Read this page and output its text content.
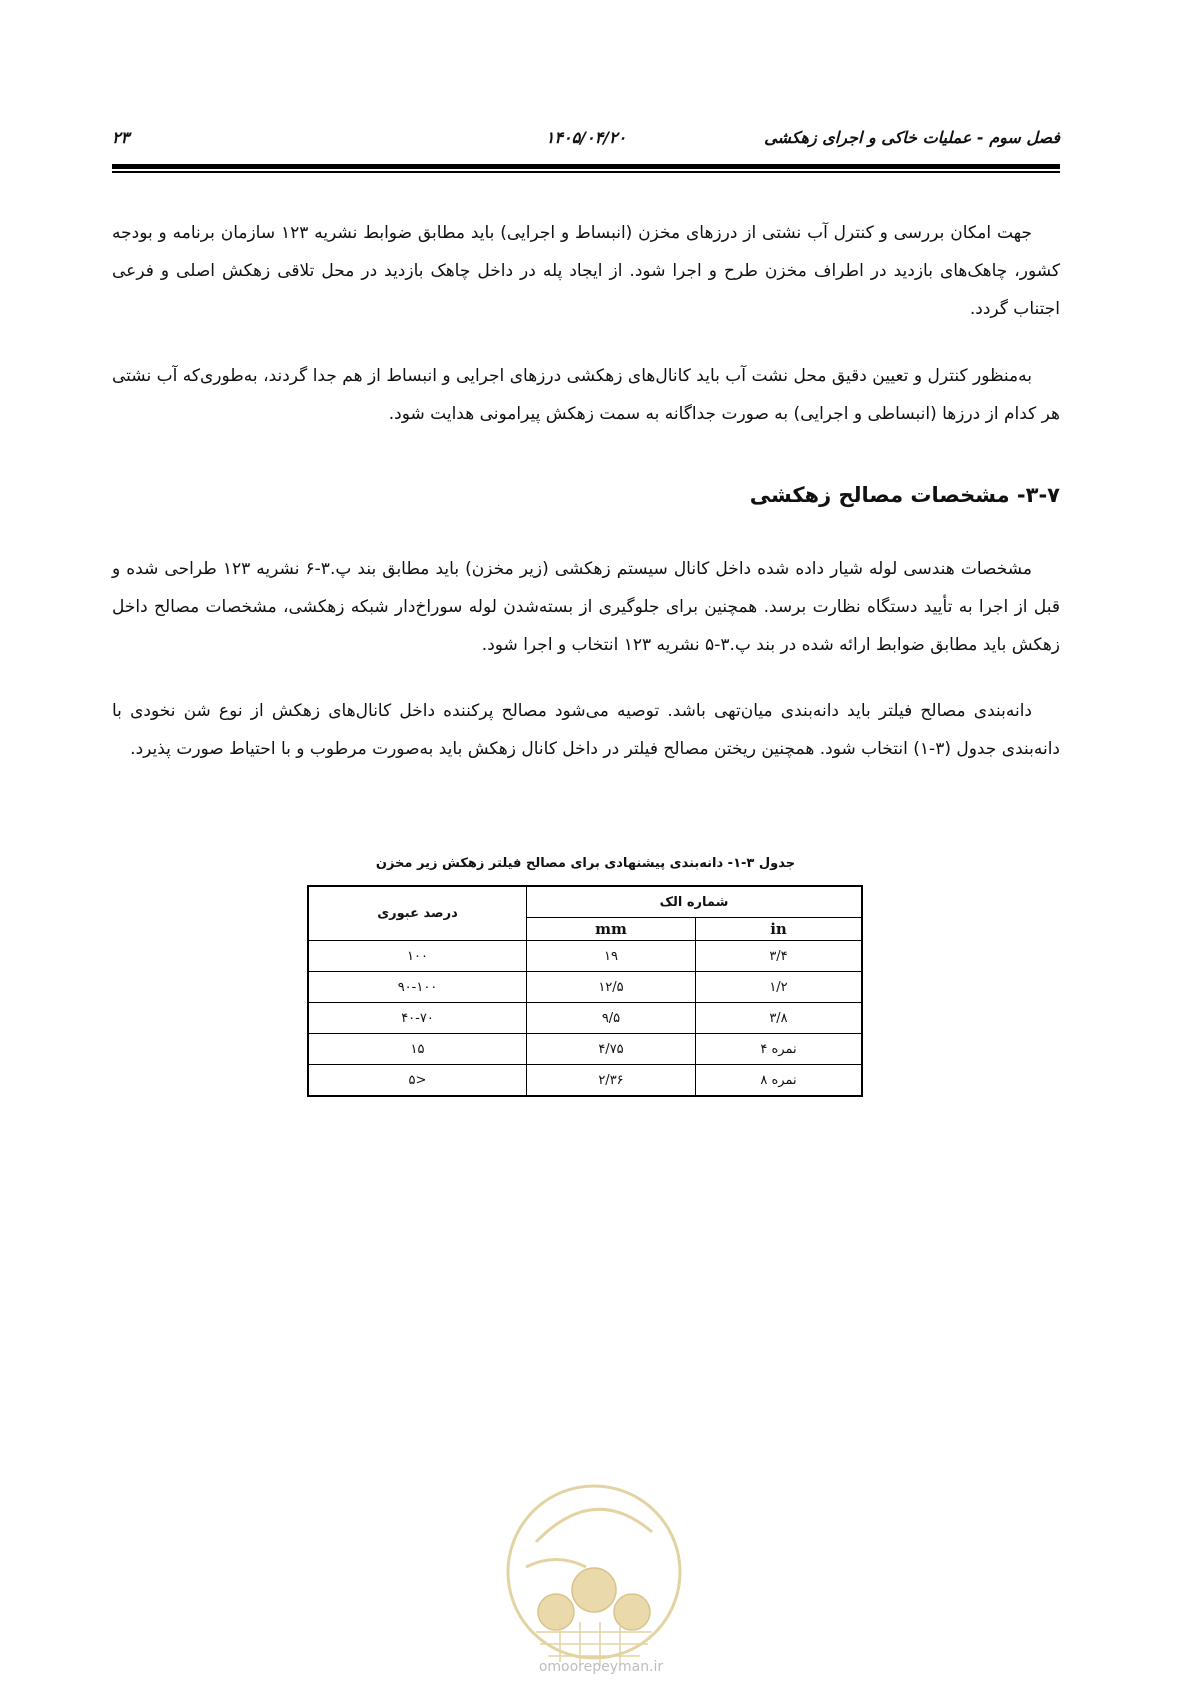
فصل سوم - عملیات خاکی و اجرای زهکشی
۱۴۰۵/۰۴/۲۰
۲۳

جهت امکان بررسی و کنترل آب نشتی از درزهای مخزن (انبساط و اجرایی) باید مطابق ضوابط نشریه ۱۲۳ سازمان برنامه و بودجه کشور، چاهک‌های بازدید در اطراف مخزن طرح و اجرا شود. از ایجاد پله در داخل چاهک بازدید در محل تلاقی زهکش اصلی و فرعی اجتناب گردد.

به‌منظور کنترل و تعیین دقیق محل نشت آب باید کانال‌های زهکشی درزهای اجرایی و انبساط از هم جدا گردند، به‌طوری‌که آب نشتی هر کدام از درزها (انبساطی و اجرایی) به صورت جداگانه به سمت زهکش پیرامونی هدایت شود.

۳-۷- مشخصات مصالح زهکشی

مشخصات هندسی لوله شیار داده شده داخل کانال سیستم زهکشی (زیر مخزن) باید مطابق بند پ.۳-۶ نشریه ۱۲۳ طراحی شده و قبل از اجرا به تأیید دستگاه نظارت برسد. همچنین برای جلوگیری از بسته‌شدن لوله سوراخ‌دار شبکه زهکشی، مشخصات مصالح داخل زهکش باید مطابق ضوابط ارائه شده در بند پ.۳-۵ نشریه ۱۲۳ انتخاب و اجرا شود.

دانه‌بندی مصالح فیلتر باید دانه‌بندی میان‌تهی باشد. توصیه می‌شود مصالح پرکننده داخل کانال‌های زهکش از نوع شن نخودی با دانه‌بندی جدول (۳-۱) انتخاب شود. همچنین ریختن مصالح فیلتر در داخل کانال زهکش باید به‌صورت مرطوب و با احتیاط صورت پذیرد.

جدول ۳-۱- دانه‌بندی پیشنهادی برای مصالح فیلتر زهکش زیر مخزن
شماره الک		درصد عبوری
in	mm	
۳/۴	۱۹	۱۰۰
۱/۲	۱۲/۵	۹۰-۱۰۰
۳/۸	۹/۵	۴۰-۷۰
نمره ۴	۴/۷۵	۱۵
نمره ۸	۲/۳۶	<۵
omoorepeyman.ir
